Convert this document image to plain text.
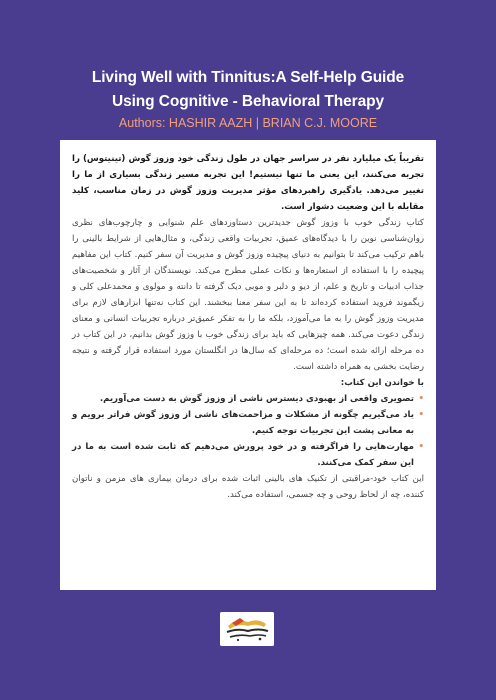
Living Well with Tinnitus:A Self-Help Guide
Using Cognitive - Behavioral Therapy
Authors: HASHIR AAZH | BRIAN C.J. MOORE

تقریباً یک میلیارد نفر در سراسر جهان در طول زندگی خود وزوز گوش (تینیتوس) را تجربه می‌کنند، این یعنی ما تنها نیستیم! این تجربه مسیر زندگی بسیاری از ما را تغییر می‌دهد. یادگیری راهبردهای مؤثر مدیریت وزوز گوش در زمان مناسب، کلید مقابله با این وضعیت دشوار است.

کتاب زندگی خوب با وزوز گوش جدیدترین دستاوردهای علم شنوایی و چارچوب‌های نظری روان‌شناسی نوین را با دیدگاه‌های عمیق، تجربیات واقعی زندگی، و مثال‌هایی از شرایط بالینی را باهم ترکیب می‌کند تا بتوانیم به دنیای پیچیده وزوز گوش و مدیریت آن سفر کنیم. کتاب این مفاهیم پیچیده را با استفاده از استعاره‌ها و نکات عملی مطرح می‌کند. نویسندگان از آثار و شخصیت‌های جذاب ادبیات و تاریخ و علم، از دیو و دلبر و موبی دیک گرفته تا دانته و مولوی و محمدعلی کلی و زیگموند فروید استفاده کرده‌اند تا به این سفر معنا ببخشند. این کتاب نه‌تنها ابزارهای لازم برای مدیریت وزوز گوش را به ما می‌آموزد، بلکه ما را به تفکر عمیق‌تر درباره تجربیات انسانی و معنای زندگی دعوت می‌کند. همه چیزهایی که باید برای زندگی خوب با وزوز گوش بدانیم، در این کتاب در ده مرحله ارائه شده است؛ ده مرحله‌ای که سال‌ها در انگلستان مورد استفاده قرار گرفته و نتیجه رضایت بخشی به همراه داشته است.

با خواندن این کتاب:

•
تصویری واقعی از بهبودی دیسترس ناشی از وزوز گوش به دست می‌آوریم.
•
یاد می‌گیریم چگونه از مشکلات و مزاحمت‌های ناشی از وزوز گوش فراتر برویم و به معانی پشت این تجربیات توجه کنیم.
•
مهارت‌هایی را فراگرفته و در خود پرورش می‌دهیم که ثابت شده است به ما در این سفر کمک می‌کنند.

این کتاب خود-مراقبتی از تکنیک های بالینی اثبات شده برای درمان بیماری های مزمن و ناتوان کننده، چه از لحاظ روحی و چه جسمی، استفاده می‌کند.
